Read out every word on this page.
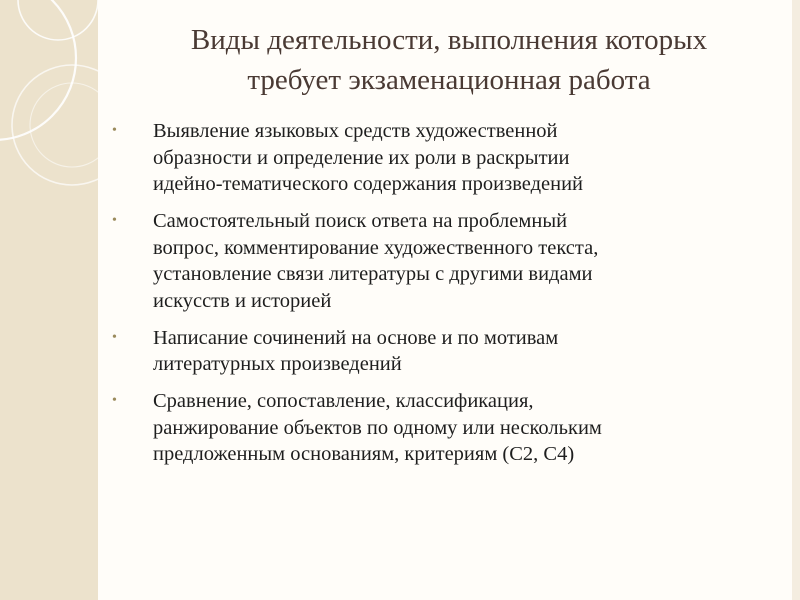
Виды деятельности, выполнения которых
требует экзаменационная работа
•	Выявление языковых средств художественной
образности и определение их роли в раскрытии
идейно-тематического содержания произведений
•	Самостоятельный поиск ответа на проблемный
вопрос, комментирование художественного текста,
установление связи литературы с другими видами
искусств и историей
•	Написание сочинений на основе и по мотивам
литературных произведений
•	Сравнение, сопоставление, классификация,
ранжирование объектов по одному или нескольким
предложенным основаниям, критериям (С2, С4)
